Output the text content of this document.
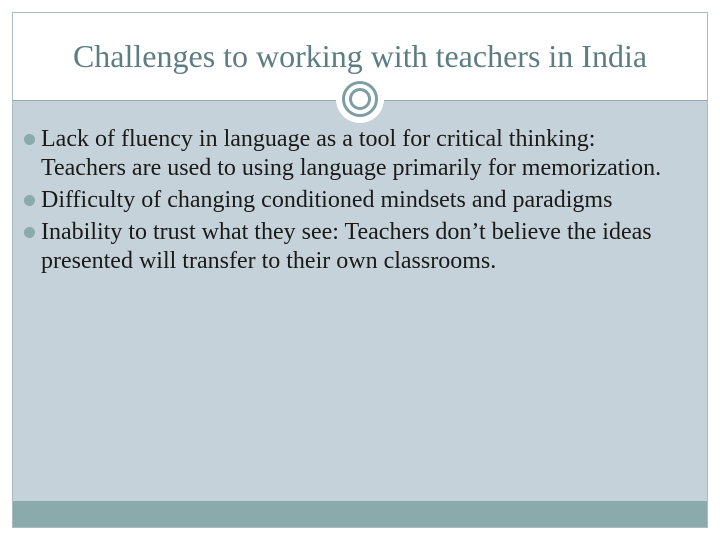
Challenges to working with teachers in India
Lack of fluency in language as a tool for critical thinking: Teachers are used to using language primarily for memorization.
Difficulty of changing conditioned mindsets and paradigms
Inability to trust what they see: Teachers don’t believe the ideas presented will transfer to their own classrooms.
